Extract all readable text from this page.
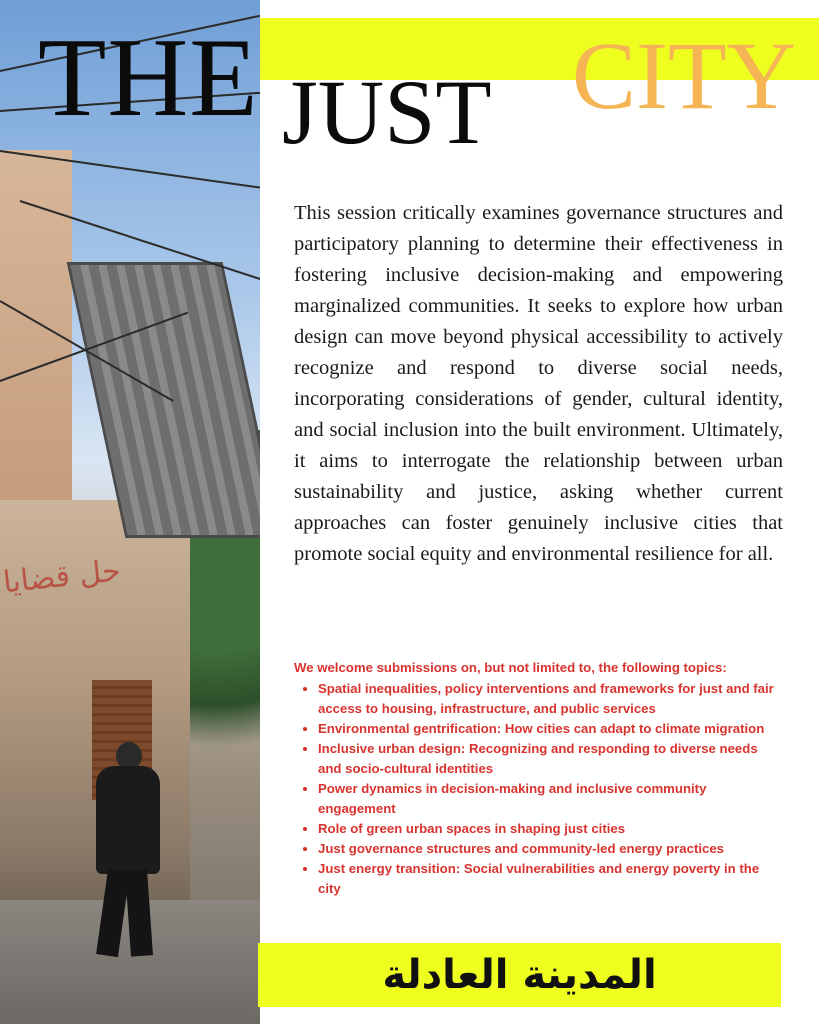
حل قضايا
THE JUST CITY

This session critically examines governance structures and participatory planning to determine their effectiveness in fostering inclusive decision-making and empowering marginalized communities. It seeks to explore how urban design can move beyond physical accessibility to actively recognize and respond to diverse social needs, incorporating considerations of gender, cultural identity, and social inclusion into the built environment. Ultimately, it aims to interrogate the relationship between urban sustainability and justice, asking whether current approaches can foster genuinely inclusive cities that promote social equity and environmental resilience for all.

We welcome submissions on, but not limited to, the following topics:

• Spatial inequalities, policy interventions and frameworks for just and fair access to housing, infrastructure, and public services
• Environmental gentrification: How cities can adapt to climate migration
• Inclusive urban design: Recognizing and responding to diverse needs and socio-cultural identities
• Power dynamics in decision-making and inclusive community engagement
• Role of green urban spaces in shaping just cities
• Just governance structures and community-led energy practices
• Just energy transition: Social vulnerabilities and energy poverty in the city
المدينة العادلة
